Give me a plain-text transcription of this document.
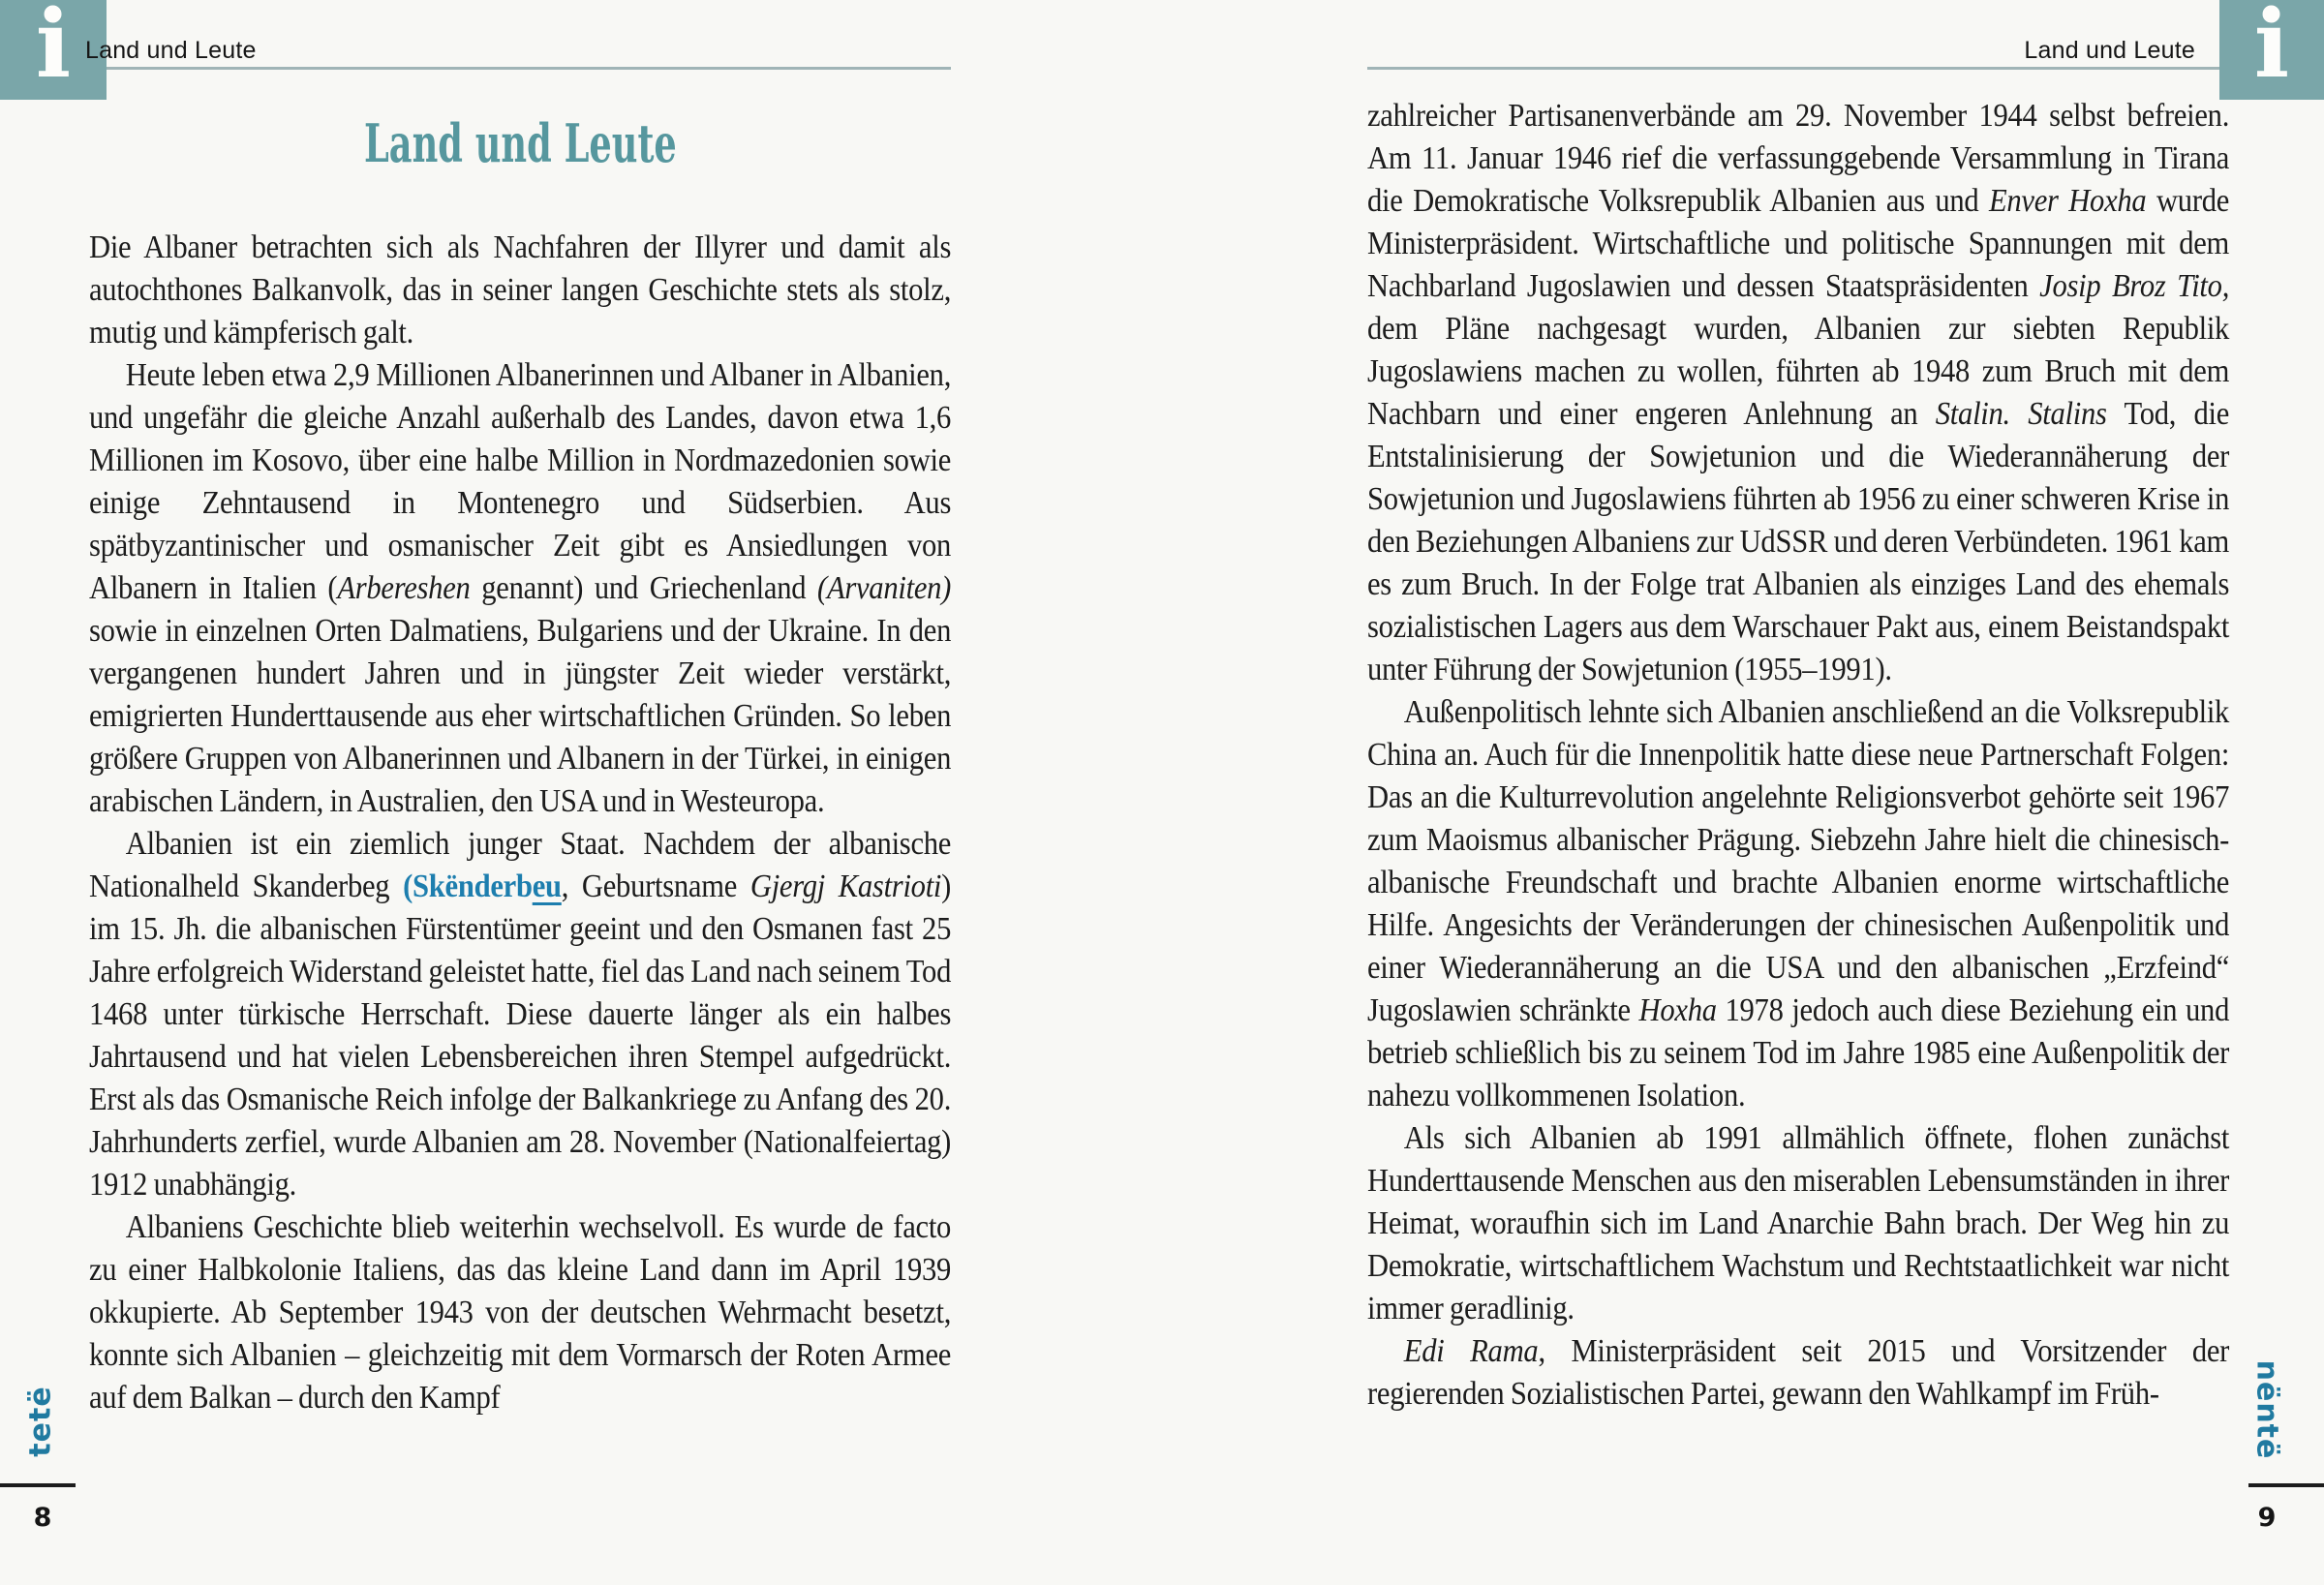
i Land und Leute
Land und Leute

Die Albaner betrachten sich als Nachfahren der Illyrer und damit als autochthones Balkanvolk, das in seiner langen Geschichte stets als stolz, mutig und kämpferisch galt.

Heute leben etwa 2,9 Millionen Albanerinnen und Albaner in Albanien, und ungefähr die gleiche Anzahl außerhalb des Landes, davon etwa 1,6 Millionen im Kosovo, über eine halbe Million in Nordmazedonien sowie einige Zehntausend in Montenegro und Südserbien. Aus spätbyzantinischer und osmanischer Zeit gibt es Ansiedlungen von Albanern in Italien (Arbereshen genannt) und Griechenland (Arvaniten) sowie in einzelnen Orten Dalmatiens, Bulgariens und der Ukraine. In den vergangenen hundert Jahren und in jüngster Zeit wieder verstärkt, emigrierten Hunderttausende aus eher wirtschaftlichen Gründen. So leben größere Gruppen von Albanerinnen und Albanern in der Türkei, in einigen arabischen Ländern, in Australien, den USA und in Westeuropa.

Albanien ist ein ziemlich junger Staat. Nachdem der albanische Nationalheld Skanderbeg (Skënderbeu, Geburtsname Gjergj Kastrioti) im 15. Jh. die albanischen Fürstentümer geeint und den Osmanen fast 25 Jahre erfolgreich Widerstand geleistet hatte, fiel das Land nach seinem Tod 1468 unter türkische Herrschaft. Diese dauerte länger als ein halbes Jahrtausend und hat vielen Lebensbereichen ihren Stempel aufgedrückt. Erst als das Osmanische Reich infolge der Balkankriege zu Anfang des 20. Jahrhunderts zerfiel, wurde Albanien am 28. November (Nationalfeiertag) 1912 unabhängig.

Albaniens Geschichte blieb weiterhin wechselvoll. Es wurde de facto zu einer Halbkolonie Italiens, das das kleine Land dann im April 1939 okkupierte. Ab September 1943 von der deutschen Wehrmacht besetzt, konnte sich Albanien – gleichzeitig mit dem Vormarsch der Roten Armee auf dem Balkan – durch den Kampf

tetë
8
i
Land und Leute

zahlreicher Partisanenverbände am 29. November 1944 selbst befreien. Am 11. Januar 1946 rief die verfassunggebende Versammlung in Tirana die Demokratische Volksrepublik Albanien aus und Enver Hoxha wurde Ministerpräsident. Wirtschaftliche und politische Spannungen mit dem Nachbarland Jugoslawien und dessen Staatspräsidenten Josip Broz Tito, dem Pläne nachgesagt wurden, Albanien zur siebten Republik Jugoslawiens machen zu wollen, führten ab 1948 zum Bruch mit dem Nachbarn und einer engeren Anlehnung an Stalin. Stalins Tod, die Entstalinisierung der Sowjetunion und die Wiederannäherung der Sowjetunion und Jugoslawiens führten ab 1956 zu einer schweren Krise in den Beziehungen Albaniens zur UdSSR und deren Verbündeten. 1961 kam es zum Bruch. In der Folge trat Albanien als einziges Land des ehemals sozialistischen Lagers aus dem Warschauer Pakt aus, einem Beistandspakt unter Führung der Sowjetunion (1955–1991).

Außenpolitisch lehnte sich Albanien anschließend an die Volksrepublik China an. Auch für die Innenpolitik hatte diese neue Partnerschaft Folgen: Das an die Kulturrevolution angelehnte Religionsverbot gehörte seit 1967 zum Maoismus albanischer Prägung. Siebzehn Jahre hielt die chinesisch-albanische Freundschaft und brachte Albanien enorme wirtschaftliche Hilfe. Angesichts der Veränderungen der chinesischen Außenpolitik und einer Wiederannäherung an die USA und den albanischen „Erzfeind“ Jugoslawien schränkte Hoxha 1978 jedoch auch diese Beziehung ein und betrieb schließlich bis zu seinem Tod im Jahre 1985 eine Außenpolitik der nahezu vollkommenen Isolation.

Als sich Albanien ab 1991 allmählich öffnete, flohen zunächst Hunderttausende Menschen aus den miserablen Lebensumständen in ihrer Heimat, woraufhin sich im Land Anarchie Bahn brach. Der Weg hin zu Demokratie, wirtschaftlichem Wachstum und Rechtstaatlichkeit war nicht immer geradlinig.

Edi Rama, Ministerpräsident seit 2015 und Vorsitzender der regierenden Sozialistischen Partei, gewann den Wahlkampf im Früh-	nëntë
9
